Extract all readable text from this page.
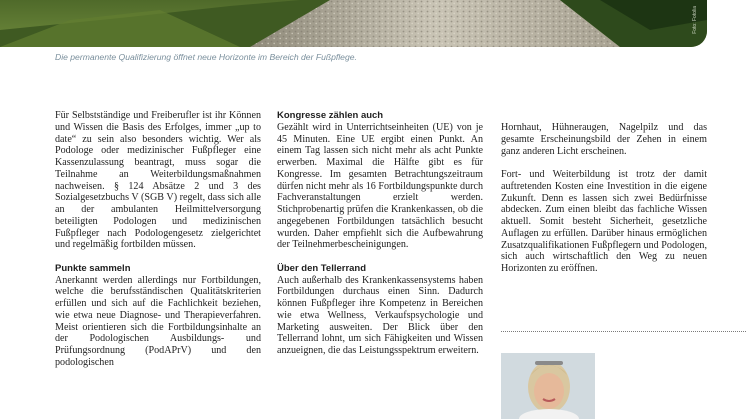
Foto: Fotolia
Die permanente Qualifizierung öffnet neue Horizonte im Bereich der Fußpflege.

Für Selbstständige und Freiberufler ist ihr Können und Wissen die Basis des Erfolges, immer „up to date“ zu sein also besonders wichtig. Wer als Podologe oder medizinischer Fußpfleger eine Kassenzulassung beantragt, muss sogar die Teilnahme an Weiterbildungsmaßnahmen nachweisen. § 124 Absätze 2 und 3 des Sozialgesetzbuchs V (SGB V) regelt, dass sich alle an der ambulanten Heilmittelversorgung beteiligten Podologen und medizinischen Fußpfleger nach Podologengesetz zielgerichtet und regelmäßig fortbilden müssen.

Punkte sammeln

Anerkannt werden allerdings nur Fortbildungen, welche die berufsständischen Qualitätskriterien erfüllen und sich auf die Fachlichkeit beziehen, wie etwa neue Diagnose- und Therapieverfahren. Meist orientieren sich die Fortbildungsinhalte an der Podologischen Ausbildungs- und Prüfungsordnung (PodAPrV) und den podologischen

Kongresse zählen auch

Gezählt wird in Unterrichtseinheiten (UE) von je 45 Minuten. Eine UE ergibt einen Punkt. An einem Tag lassen sich nicht mehr als acht Punkte erwerben. Maximal die Hälfte gibt es für Kongresse. Im gesamten Betrachtungszeitraum dürfen nicht mehr als 16 Fortbildungspunkte durch Fachveranstaltungen erzielt werden. Stichprobenartig prüfen die Krankenkassen, ob die angegebenen Fortbildungen tatsächlich besucht wurden. Daher empfiehlt sich die Aufbewahrung der Teilnehmerbescheinigungen.

Über den Tellerrand

Auch außerhalb des Krankenkassensystems haben Fortbildungen durchaus einen Sinn. Dadurch können Fußpfleger ihre Kompetenz in Bereichen wie etwa Wellness, Verkaufspsychologie und Marketing ausweiten. Der Blick über den Tellerrand lohnt, um sich Fähigkeiten und Wissen anzueignen, die das Leistungsspektrum erweitern.

Hornhaut, Hühneraugen, Nagelpilz und das gesamte Erscheinungsbild der Zehen in einem ganz anderen Licht erscheinen.

Fort- und Weiterbildung ist trotz der damit auftretenden Kosten eine Investition in die eigene Zukunft. Denn es lassen sich zwei Bedürfnisse abdecken. Zum einen bleibt das fachliche Wissen aktuell. Somit besteht Sicherheit, gesetzliche Auflagen zu erfüllen. Darüber hinaus ermöglichen Zusatzqualifikationen Fußpflegern und Podologen, sich auch wirtschaftlich den Weg zu neuen Horizonten zu eröffnen.
